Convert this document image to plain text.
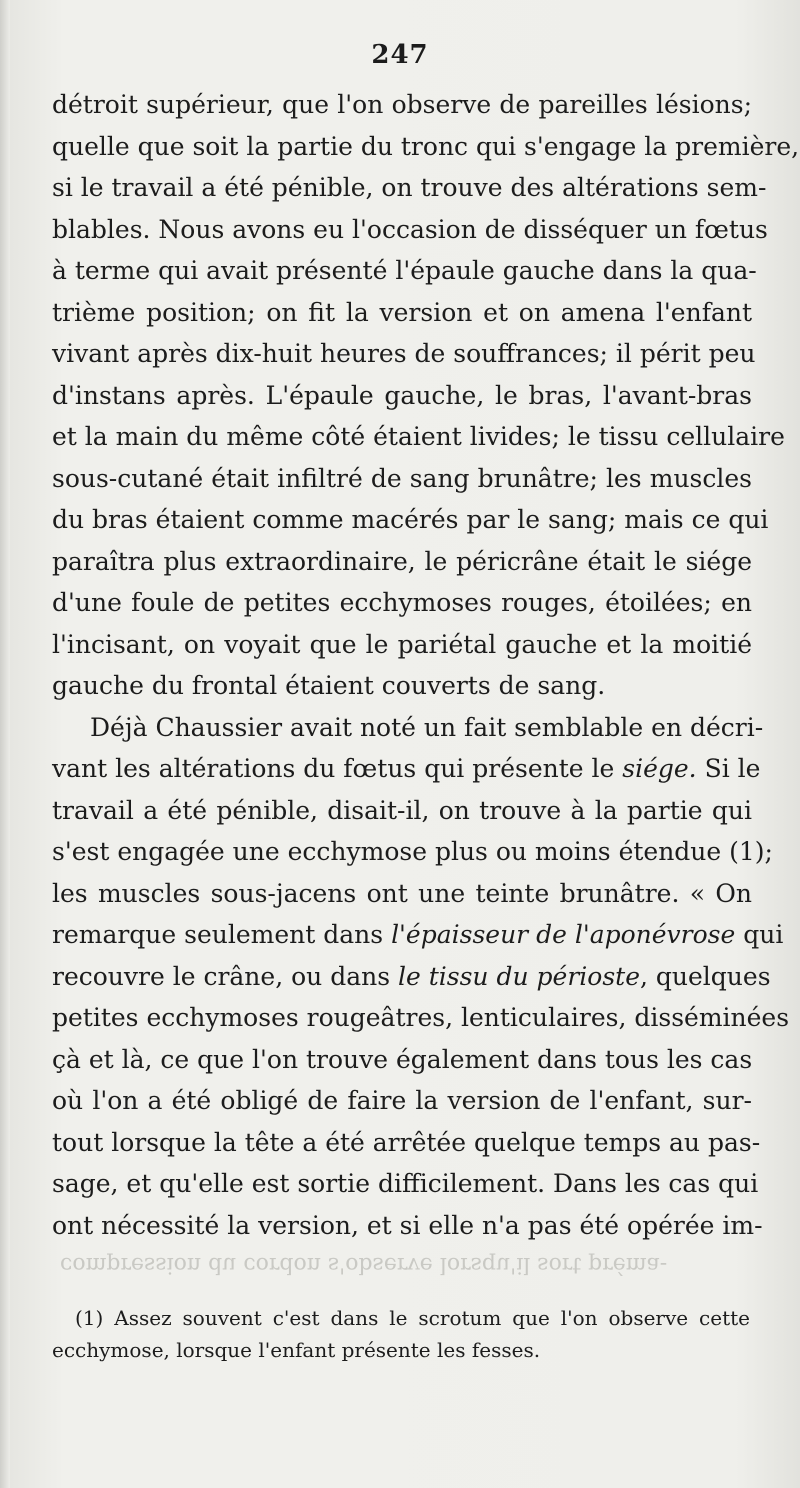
247
détroit supérieur, que l'on observe de pareilles lésions;
quelle que soit la partie du tronc qui s'engage la première,
si le travail a été pénible, on trouve des altérations sem-
blables. Nous avons eu l'occasion de disséquer un fœtus
à terme qui avait présenté l'épaule gauche dans la qua-
trième position; on fit la version et on amena l'enfant
vivant après dix-huit heures de souffrances; il périt peu
d'instans après. L'épaule gauche, le bras, l'avant-bras
et la main du même côté étaient livides; le tissu cellulaire
sous-cutané était infiltré de sang brunâtre; les muscles
du bras étaient comme macérés par le sang; mais ce qui
paraîtra plus extraordinaire, le péricrâne était le siége
d'une foule de petites ecchymoses rouges, étoilées; en
l'incisant, on voyait que le pariétal gauche et la moitié
gauche du frontal étaient couverts de sang.
Déjà Chaussier avait noté un fait semblable en décri-
vant les altérations du fœtus qui présente le siége. Si le
travail a été pénible, disait-il, on trouve à la partie qui
s'est engagée une ecchymose plus ou moins étendue (1);
les muscles sous-jacens ont une teinte brunâtre. « On
remarque seulement dans l'épaisseur de l'aponévrose qui
recouvre le crâne, ou dans le tissu du périoste, quelques
petites ecchymoses rougeâtres, lenticulaires, disséminées
çà et là, ce que l'on trouve également dans tous les cas
où l'on a été obligé de faire la version de l'enfant, sur-
tout lorsque la tête a été arrêtée quelque temps au pas-
sage, et qu'elle est sortie difficilement. Dans les cas qui
ont nécessité la version, et si elle n'a pas été opérée im-
compression du cordon s'observe lorsqu'il sort préma-
(1) Assez souvent c'est dans le scrotum que l'on observe cette
ecchymose, lorsque l'enfant présente les fesses.
